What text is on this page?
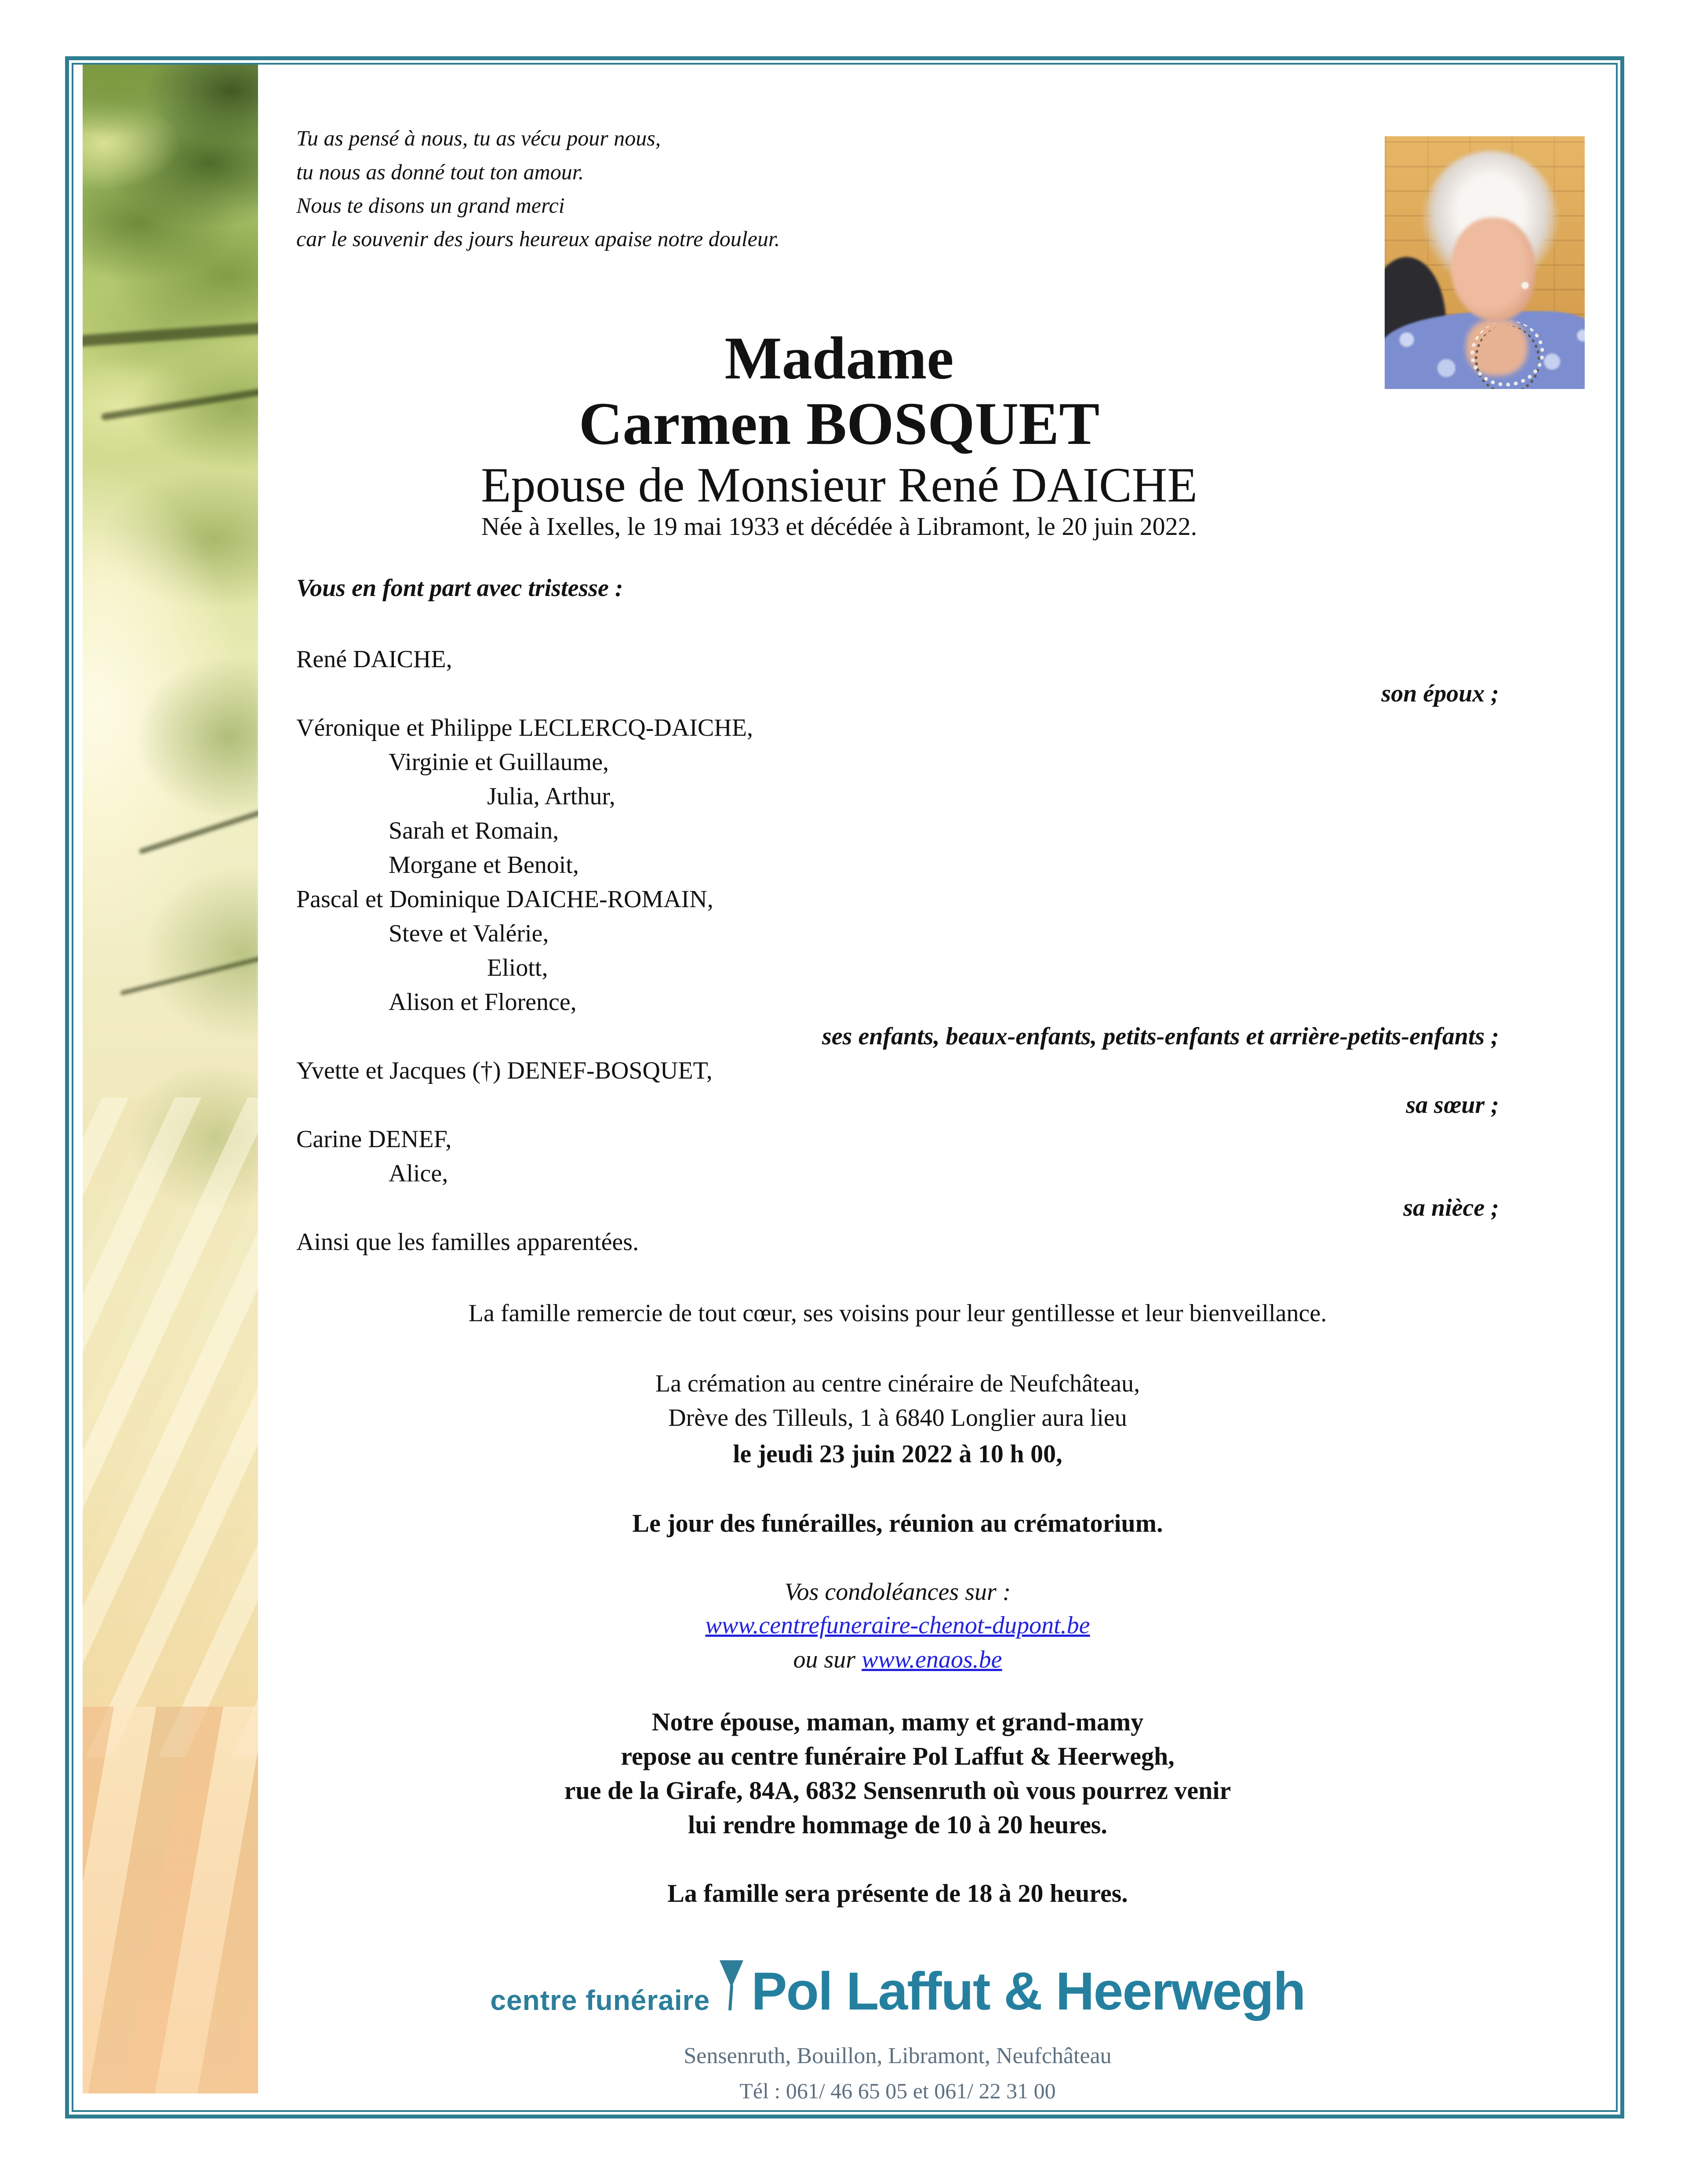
Tu as pensé à nous, tu as vécu pour nous,
tu nous as donné tout ton amour.
Nous te disons un grand merci
car le souvenir des jours heureux apaise notre douleur.
Madame
Carmen BOSQUET
Epouse de Monsieur René DAICHE
Née à Ixelles, le 19 mai 1933 et décédée à Libramont, le 20 juin 2022.
Vous en font part avec tristesse :
René DAICHE,
son époux ;
Véronique et Philippe LECLERCQ-DAICHE,
Virginie et Guillaume,
Julia, Arthur,
Sarah et Romain,
Morgane et Benoit,
Pascal et Dominique DAICHE-ROMAIN,
Steve et Valérie,
Eliott,
Alison et Florence,
ses enfants, beaux-enfants, petits-enfants et arrière-petits-enfants ;
Yvette et Jacques (†) DENEF-BOSQUET,
sa sœur ;
Carine DENEF,
Alice,
sa nièce ;
Ainsi que les familles apparentées.
La famille remercie de tout cœur, ses voisins pour leur gentillesse et leur bienveillance.
La crémation au centre cinéraire de Neufchâteau,
Drève des Tilleuls, 1 à 6840 Longlier aura lieu
le jeudi 23 juin 2022 à 10 h 00,
Le jour des funérailles, réunion au crématorium.
Vos condoléances sur :
www.centrefuneraire-chenot-dupont.be
ou sur www.enaos.be
Notre épouse, maman, mamy et grand-mamy
repose au centre funéraire Pol Laffut & Heerwegh,
rue de la Girafe, 84A, 6832 Sensenruth où vous pourrez venir
lui rendre hommage de 10 à 20 heures.
La famille sera présente de 18 à 20 heures.
Sensenruth, Bouillon, Libramont, Neufchâteau
Tél : 061/ 46 65 05 et 061/ 22 31 00
centre funéraire Pol Laffut & Heerwegh
